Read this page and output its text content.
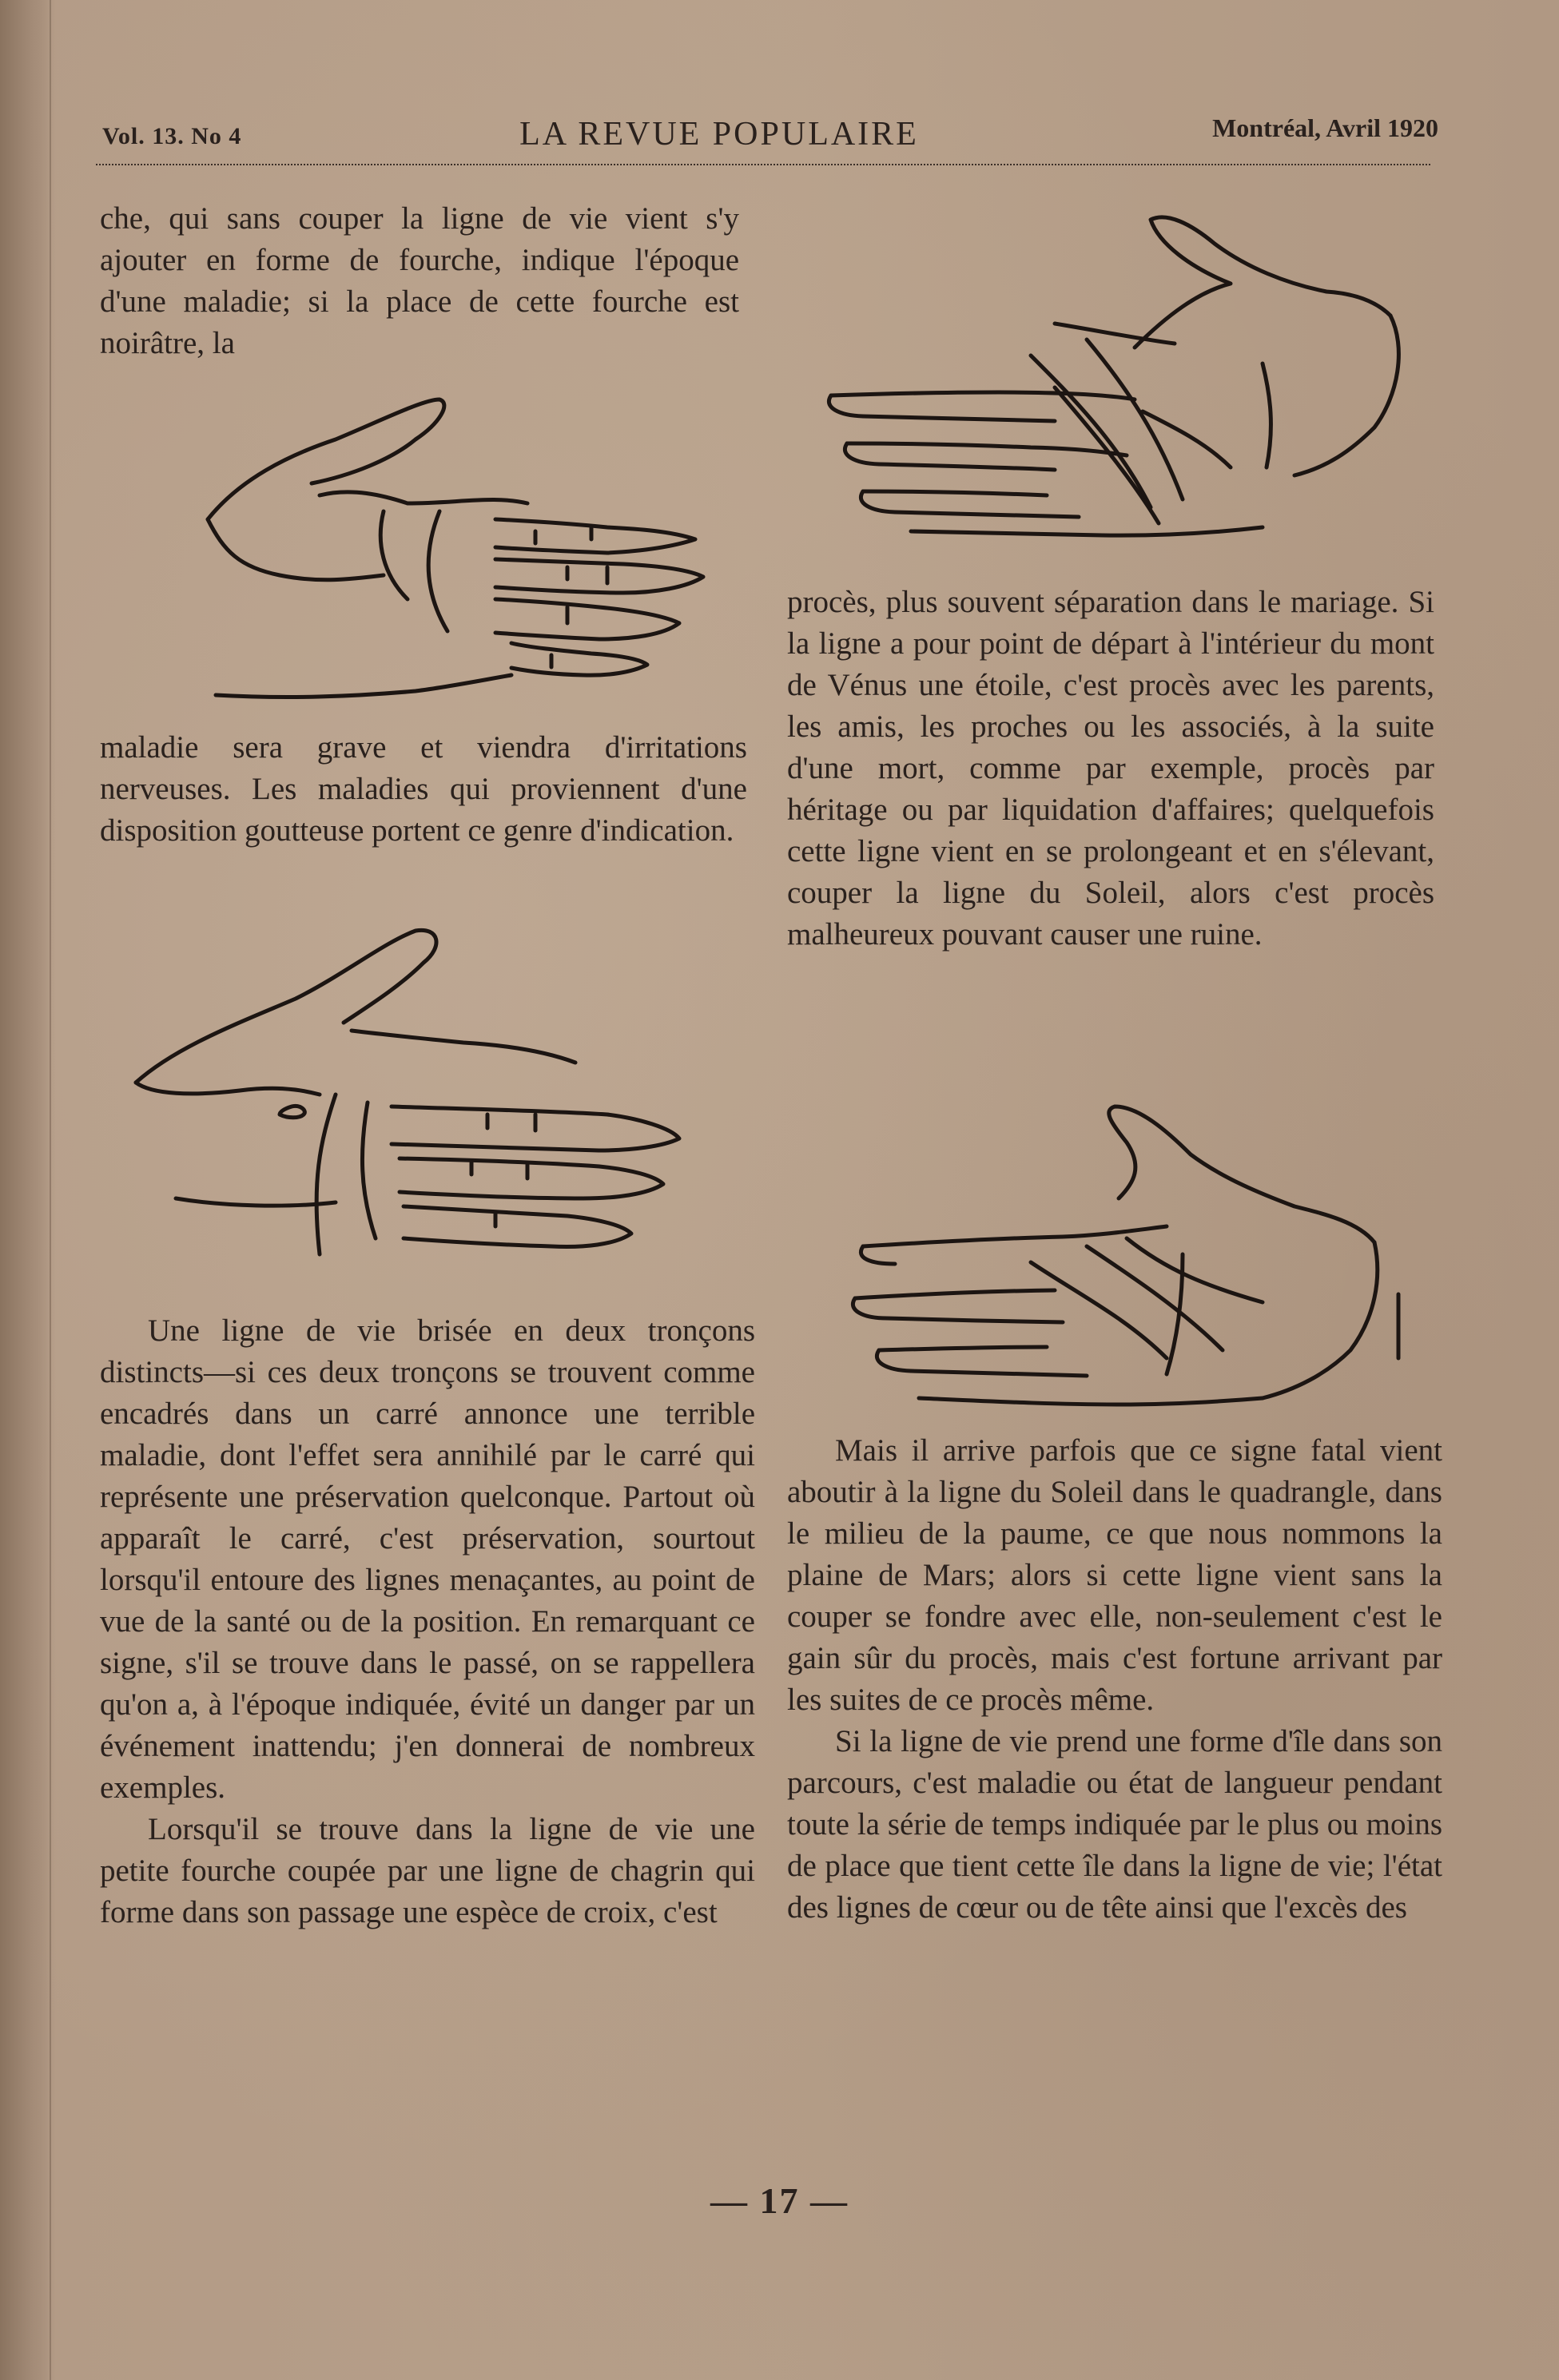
Vol. 13. No 4	LA REVUE POPULAIRE	Montréal, Avril 1920

che, qui sans couper la ligne de vie vient s'y ajouter en forme de fourche, indique l'époque d'une maladie; si la place de cette fourche est noirâtre, la

maladie sera grave et viendra d'irritations nerveuses. Les maladies qui proviennent d'une disposition goutteuse portent ce genre d'indication.

Une ligne de vie brisée en deux tronçons distincts—si ces deux tronçons se trouvent comme encadrés dans un carré annonce une terrible maladie, dont l'effet sera annihilé par le carré qui représente une préservation quelconque. Partout où apparaît le carré, c'est préservation, sourtout lorsqu'il entoure des lignes menaçantes, au point de vue de la santé ou de la position. En remarquant ce signe, s'il se trouve dans le passé, on se rappellera qu'on a, à l'époque indiquée, évité un danger par un événement inattendu; j'en donnerai de nombreux exemples.

Lorsqu'il se trouve dans la ligne de vie une petite fourche coupée par une ligne de chagrin qui forme dans son passage une espèce de croix, c'est

procès, plus souvent séparation dans le mariage. Si la ligne a pour point de départ à l'intérieur du mont de Vénus une étoile, c'est procès avec les parents, les amis, les proches ou les associés, à la suite d'une mort, comme par exemple, procès par héritage ou par liquidation d'affaires; quelquefois cette ligne vient en se prolongeant et en s'élevant, couper la ligne du Soleil, alors c'est procès malheureux pouvant causer une ruine.

Mais il arrive parfois que ce signe fatal vient aboutir à la ligne du Soleil dans le quadrangle, dans le milieu de la paume, ce que nous nommons la plaine de Mars; alors si cette ligne vient sans la couper se fondre avec elle, non-seulement c'est le gain sûr du procès, mais c'est fortune arrivant par les suites de ce procès même.

Si la ligne de vie prend une forme d'île dans son parcours, c'est maladie ou état de langueur pendant toute la série de temps indiquée par le plus ou moins de place que tient cette île dans la ligne de vie; l'état des lignes de cœur ou de tête ainsi que l'excès des

— 17 —
